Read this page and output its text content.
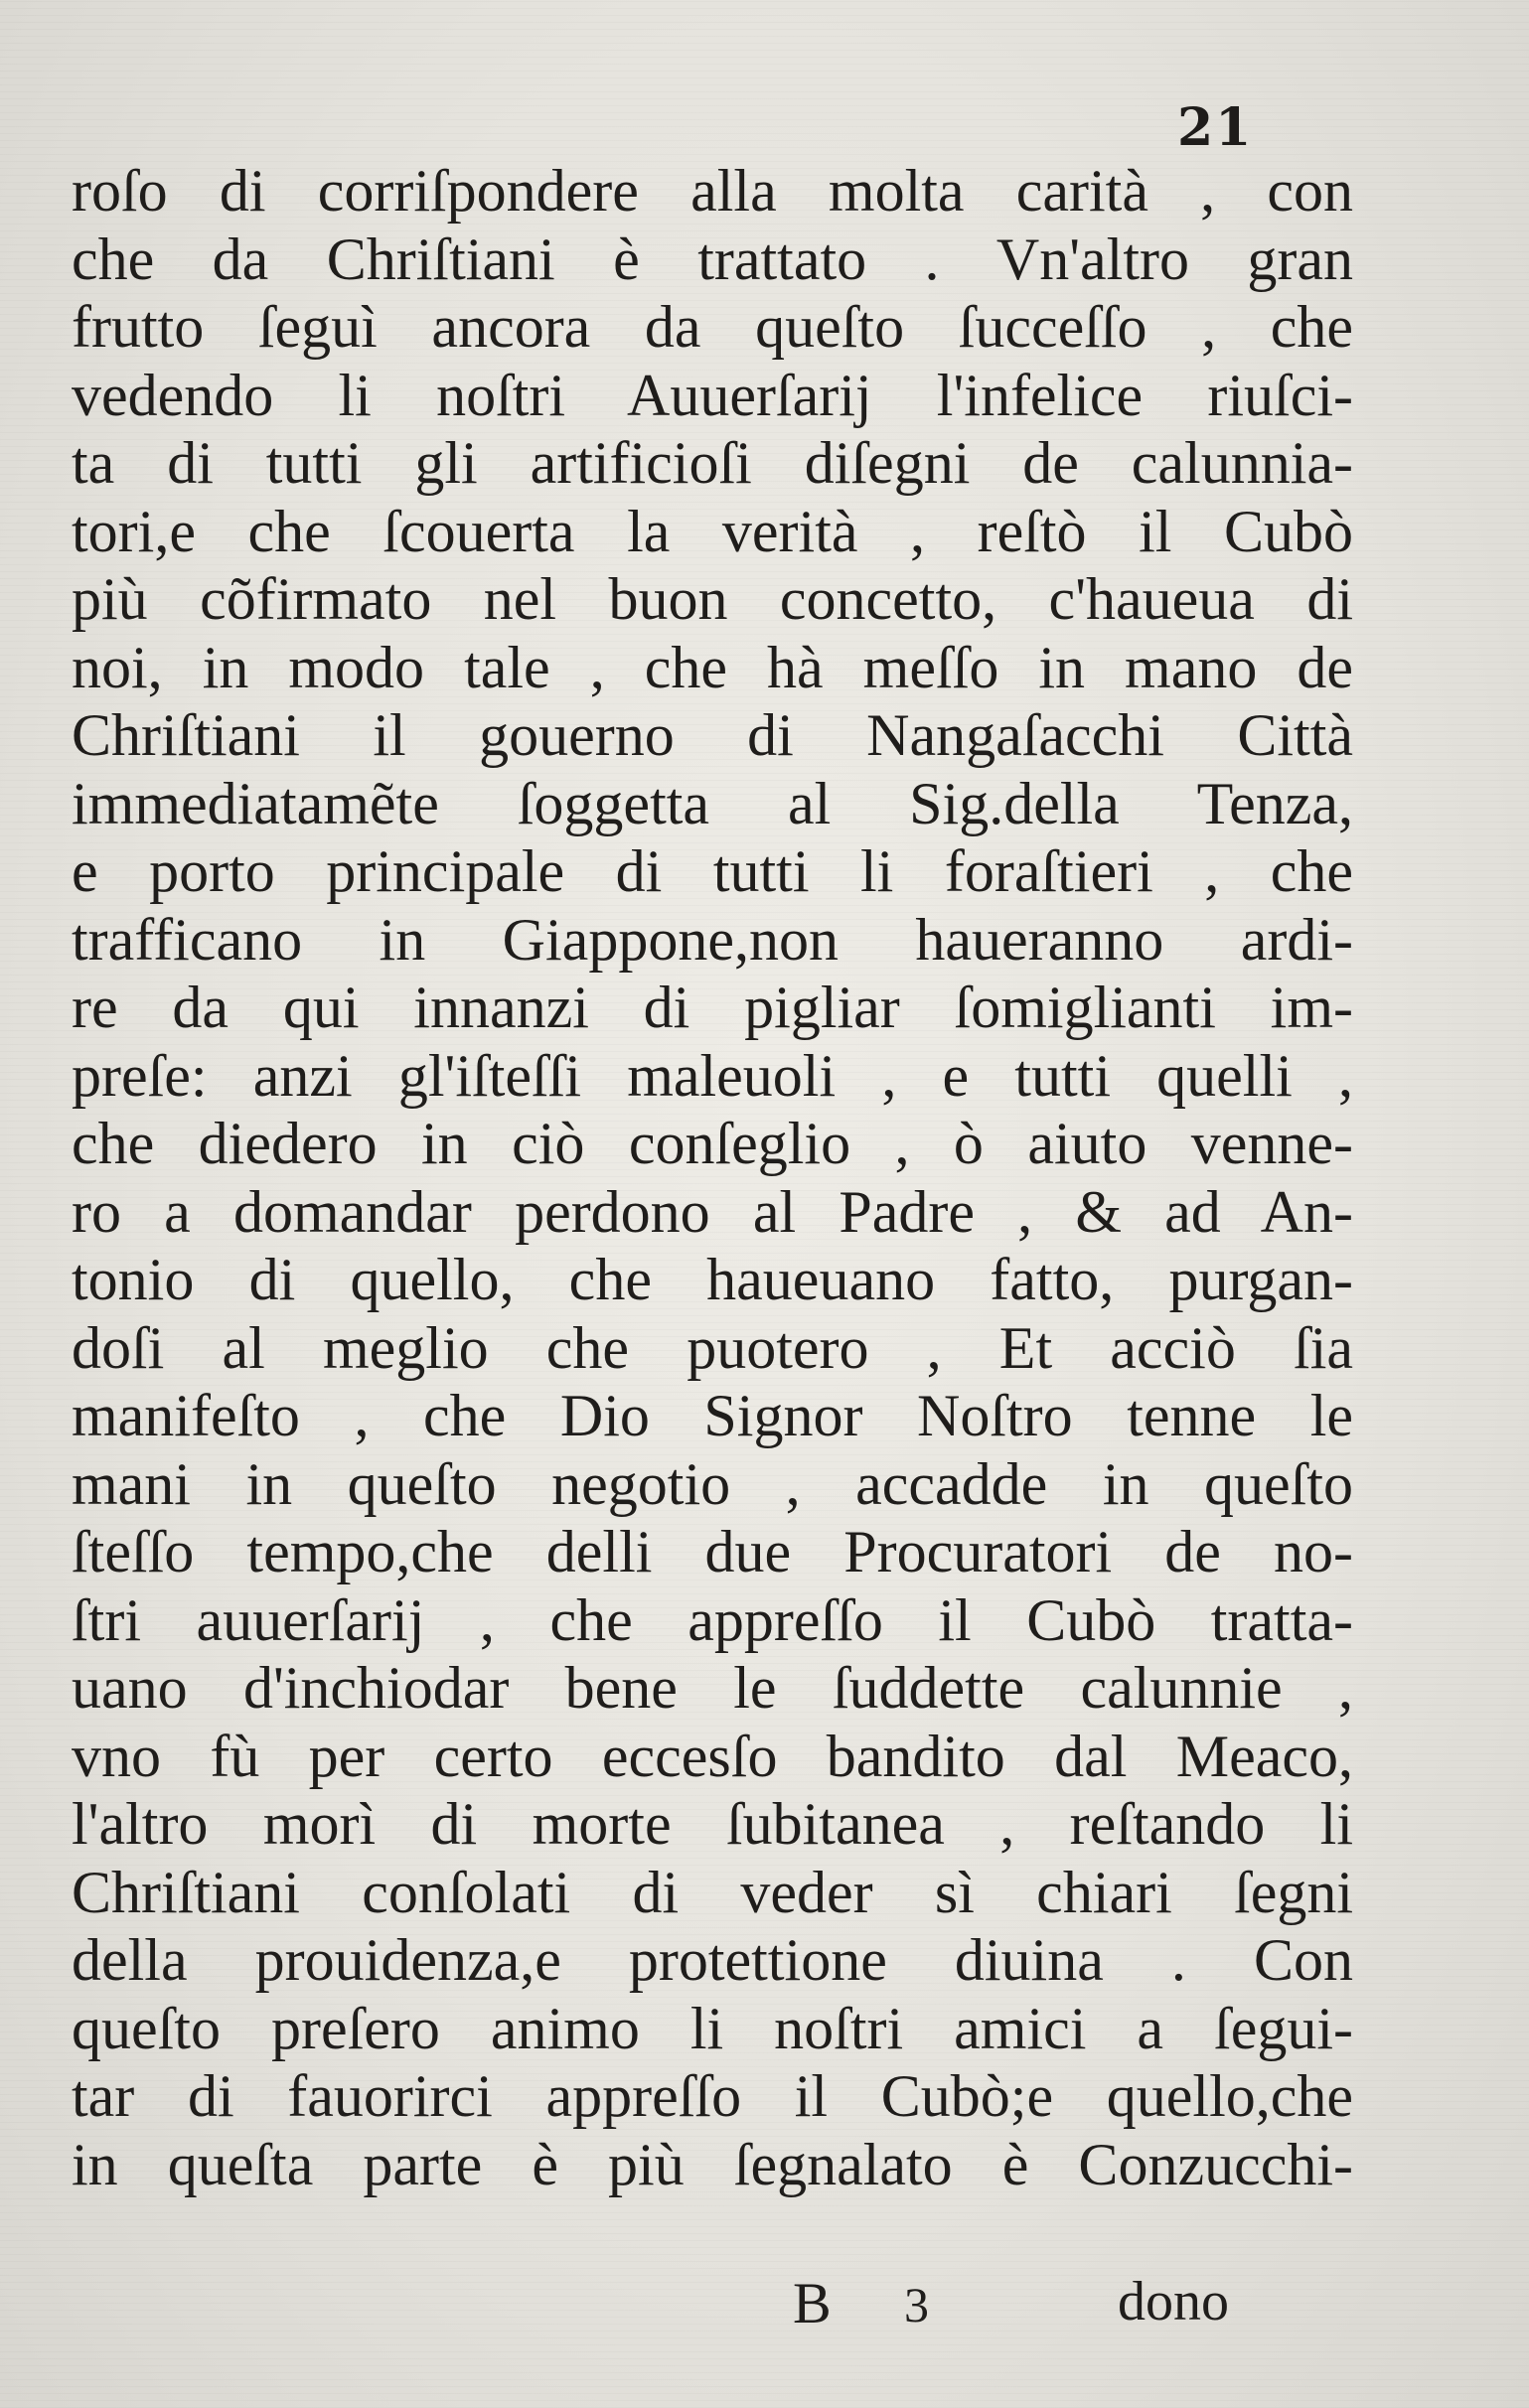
21
roſo di corriſpondere alla molta carità , con
che da Chriſtiani è trattato . Vn'altro gran
frutto ſeguì ancora da queſto ſucceſſo , che
vedendo li noſtri Auuerſarij l'infelice riuſci-
ta di tutti gli artificioſi diſegni de calunnia-
tori,e che ſcouerta la verità , reſtò il Cubò
più cõfirmato nel buon concetto, c'haueua di
noi, in modo tale , che hà meſſo in mano de
Chriſtiani il gouerno di Nangaſacchi Città
immediatamẽte ſoggetta al Sig.della Tenza,
e porto principale di tutti li foraſtieri , che
trafficano in Giappone,non haueranno ardi-
re da qui innanzi di pigliar ſomiglianti im-
preſe: anzi gl'iſteſſi maleuoli , e tutti quelli ,
che diedero in ciò conſeglio , ò aiuto venne-
ro a domandar perdono al Padre , & ad An-
tonio di quello, che haueuano fatto, purgan-
doſi al meglio che puotero , Et acciò ſia
manifeſto , che Dio Signor Noſtro tenne le
mani in queſto negotio , accadde in queſto
ſteſſo tempo,che delli due Procuratori de no-
ſtri auuerſarij , che appreſſo il Cubò tratta-
uano d'inchiodar bene le ſuddette calunnie ,
vno fù per certo eccesſo bandito dal Meaco,
l'altro morì di morte ſubitanea , reſtando li
Chriſtiani conſolati di veder sì chiari ſegni
della prouidenza,e protettione diuina . Con
queſto preſero animo li noſtri amici a ſegui-
tar di fauorirci appreſſo il Cubò;e quello,che
in queſta parte è più ſegnalato è Conzucchi-
B 3	dono
